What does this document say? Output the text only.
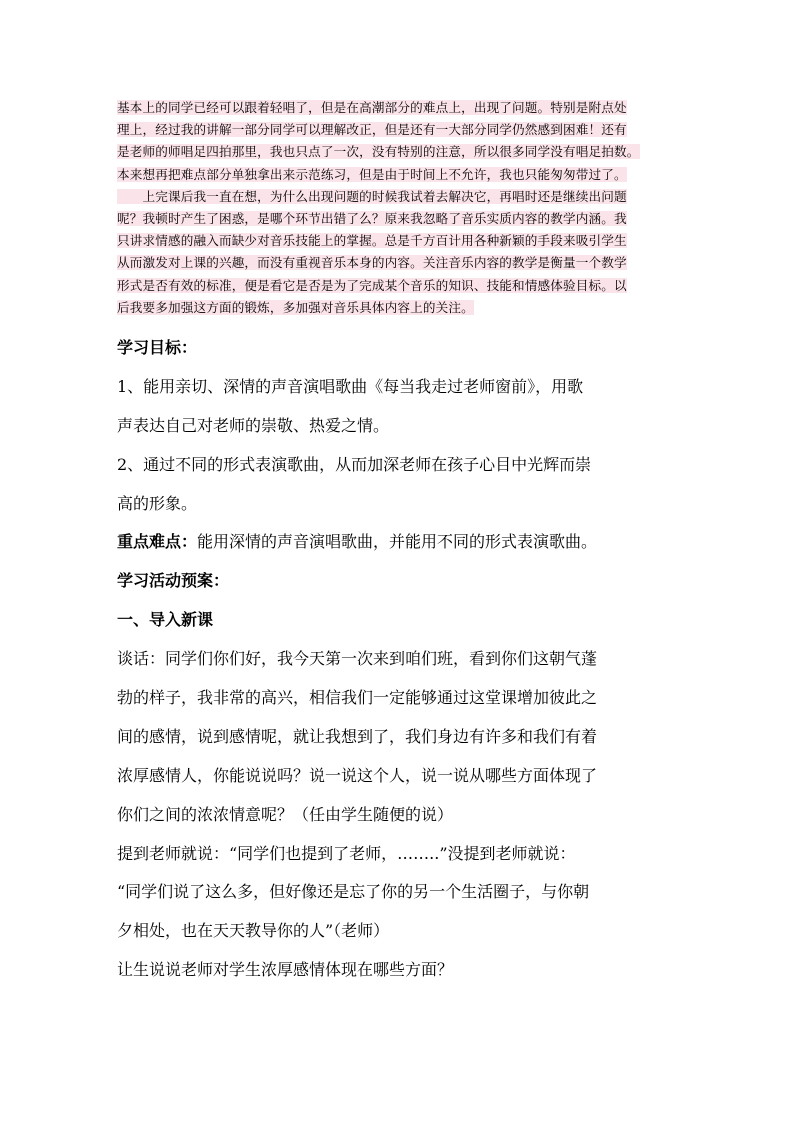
基本上的同学已经可以跟着轻唱了，但是在高潮部分的难点上，出现了问题。特别是附点处
理上，经过我的讲解一部分同学可以理解改正，但是还有一大部分同学仍然感到困难！还有
是老师的师唱足四拍那里，我也只点了一次，没有特别的注意，所以很多同学没有唱足拍数。
本来想再把难点部分单独拿出来示范练习，但是由于时间上不允许，我也只能匆匆带过了。
　　上完课后我一直在想，为什么出现问题的时候我试着去解决它，再唱时还是继续出问题
呢？我顿时产生了困惑，是哪个环节出错了么？原来我忽略了音乐实质内容的教学内涵。我
只讲求情感的融入而缺少对音乐技能上的掌握。总是千方百计用各种新颖的手段来吸引学生
从而激发对上课的兴趣，而没有重视音乐本身的内容。关注音乐内容的教学是衡量一个教学
形式是否有效的标准，便是看它是否是为了完成某个音乐的知识、技能和情感体验目标。以
后我要多加强这方面的锻炼，多加强对音乐具体内容上的关注。
学习目标：
1、能用亲切、深情的声音演唱歌曲《每当我走过老师窗前》，用歌
声表达自己对老师的崇敬、热爱之情。
2、通过不同的形式表演歌曲，从而加深老师在孩子心目中光辉而崇
高的形象。
重点难点：能用深情的声音演唱歌曲，并能用不同的形式表演歌曲。
学习活动预案：
一、导入新课
谈话：同学们你们好，我今天第一次来到咱们班，看到你们这朝气蓬
勃的样子，我非常的高兴，相信我们一定能够通过这堂课增加彼此之
间的感情，说到感情呢，就让我想到了，我们身边有许多和我们有着
浓厚感情人，你能说说吗？说一说这个人，说一说从哪些方面体现了
你们之间的浓浓情意呢？（任由学生随便的说）
提到老师就说：“同学们也提到了老师，……..”没提到老师就说：
“同学们说了这么多，但好像还是忘了你的另一个生活圈子，与你朝
夕相处，也在天天教导你的人”（老师）
让生说说老师对学生浓厚感情体现在哪些方面？
